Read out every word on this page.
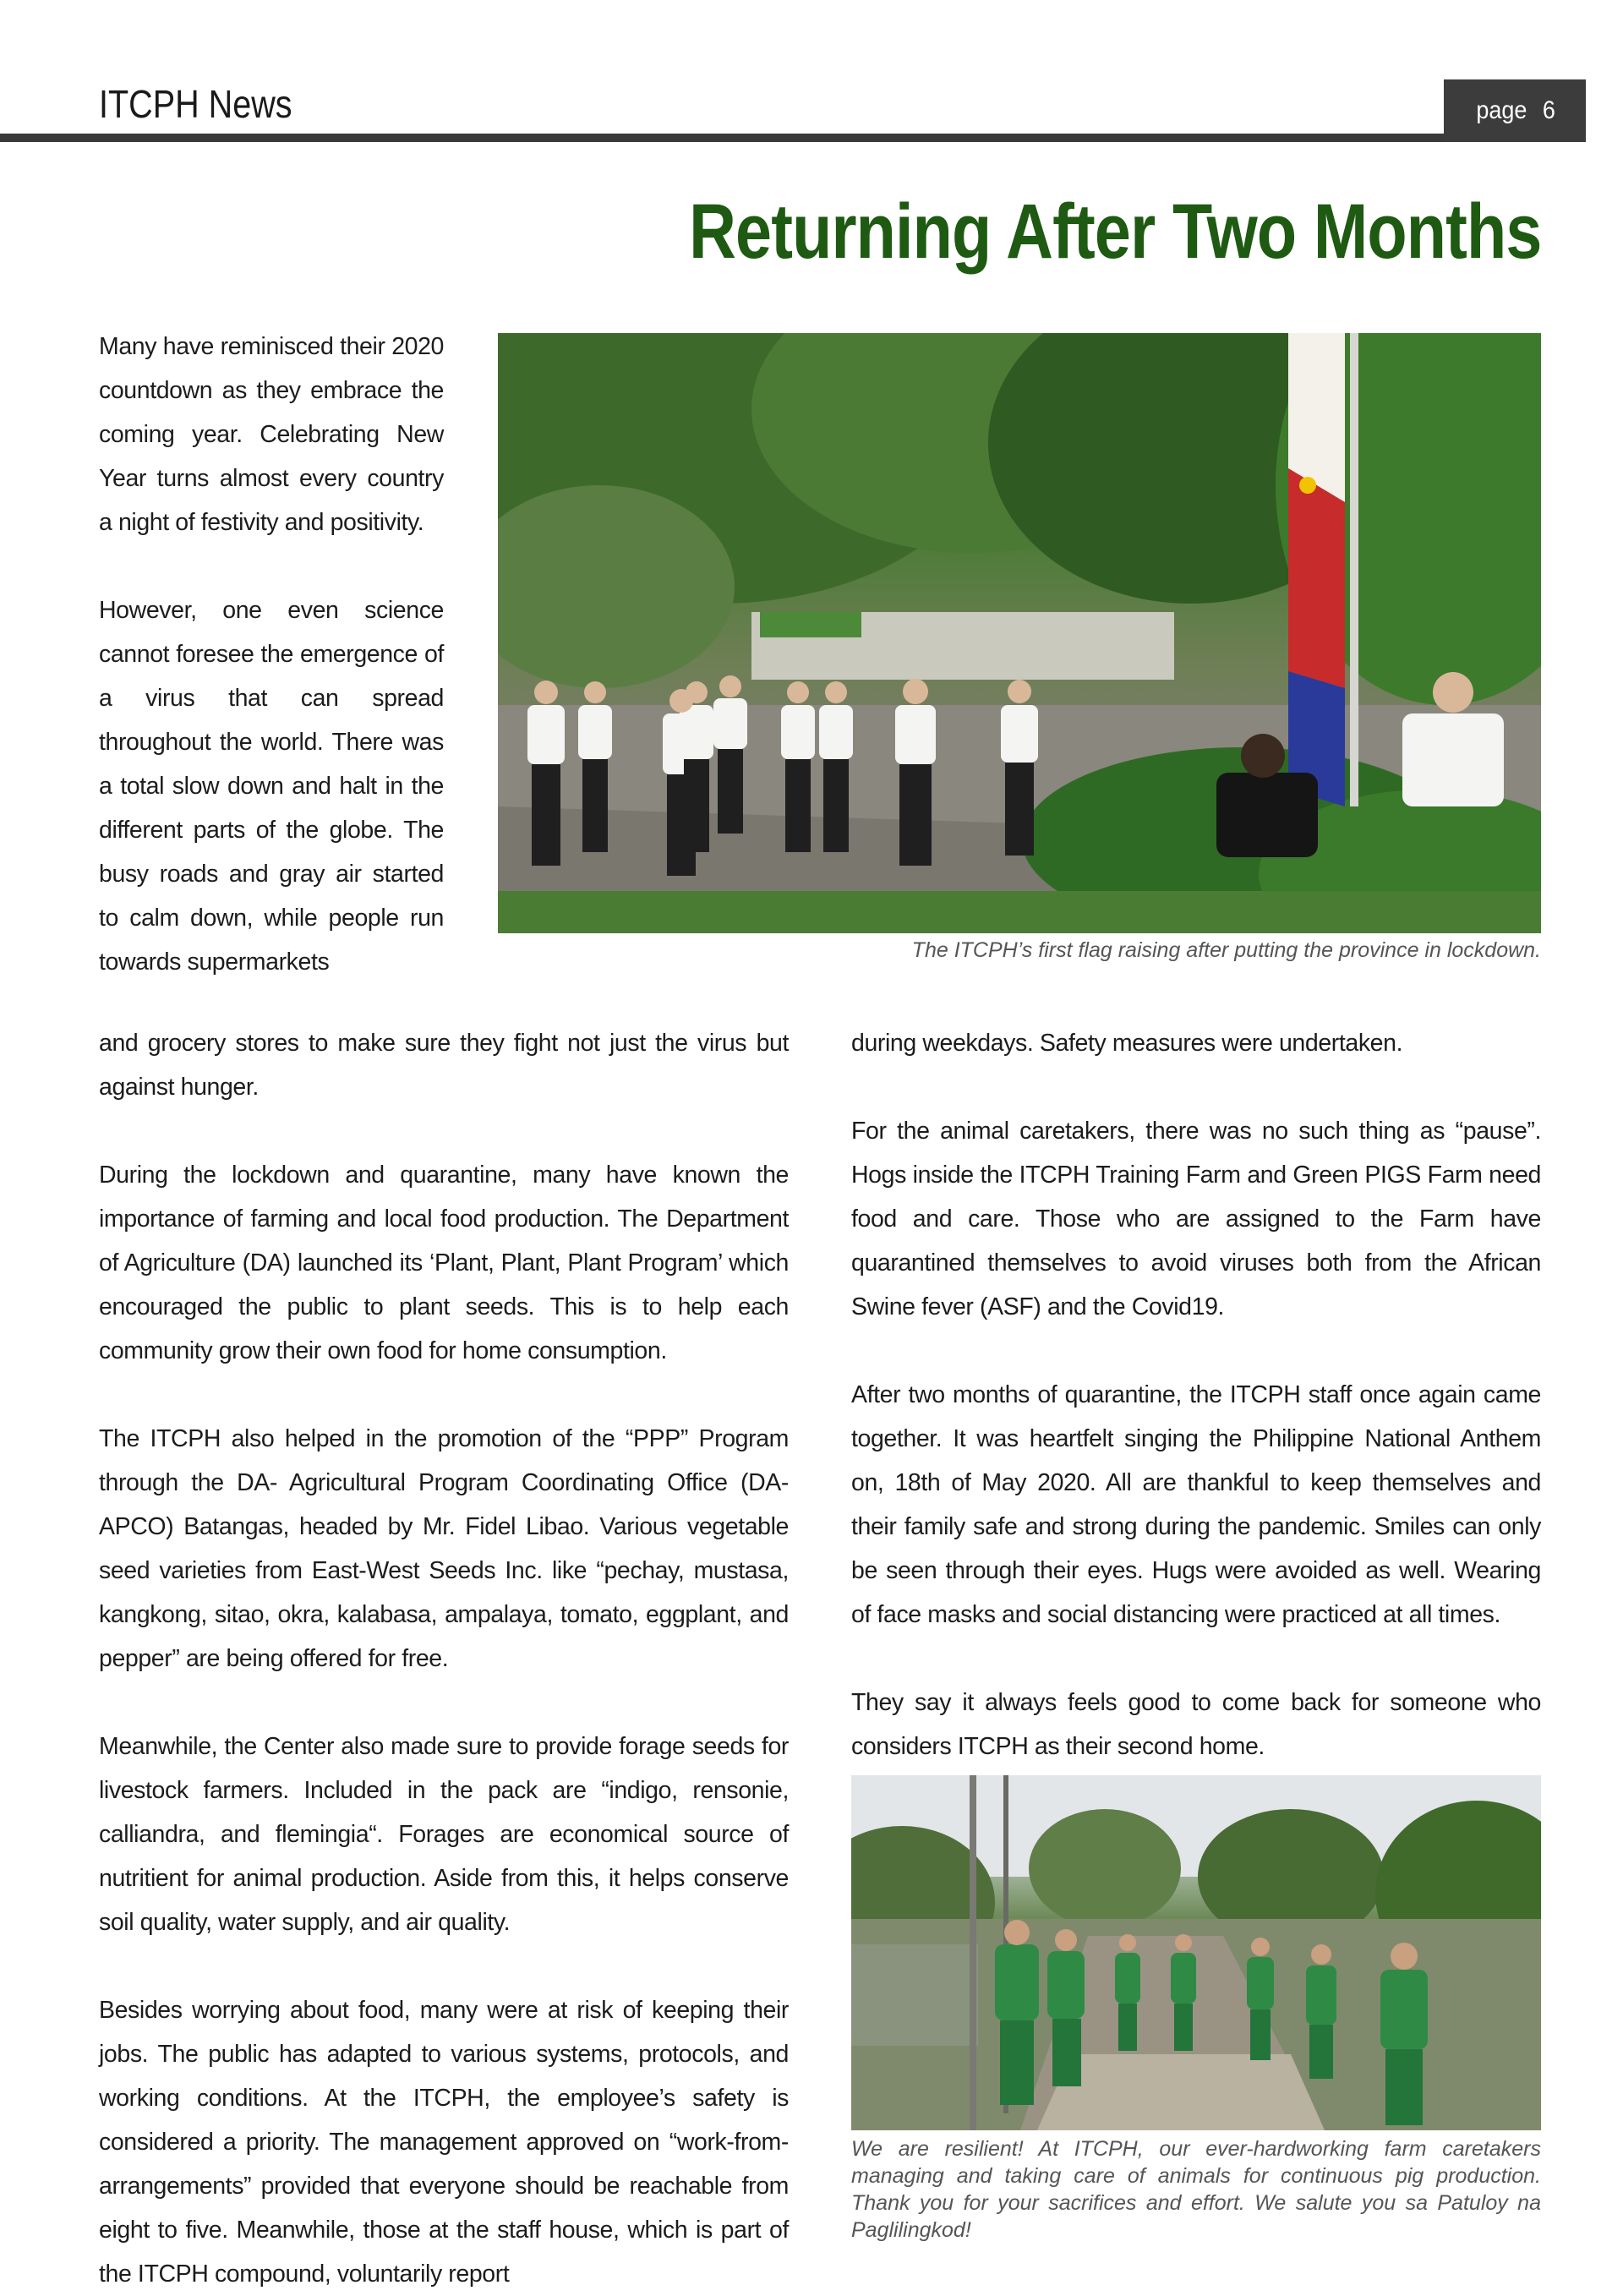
ITCPH News	page 6
Returning After Two Months

Many have reminisced their 2020 countdown as they embrace the coming year. Celebrating New Year turns almost every country a night of festivity and positivity.

However, one even science cannot foresee the emergence of a virus that can spread throughout the world. There was a total slow down and halt in the different parts of the globe. The busy roads and gray air started to calm down, while people run towards supermarkets	The ITCPH’s first flag raising after putting the province in lockdown.

and grocery stores to make sure they fight not just the virus but against hunger.

During the lockdown and quarantine, many have known the importance of farming and local food production. The Department of Agriculture (DA) launched its ‘Plant, Plant, Plant Program’ which encouraged the public to plant seeds. This is to help each community grow their own food for home consumption.

The ITCPH also helped in the promotion of the “PPP” Program through the DA- Agricultural Program Coordinating Office (DA-APCO) Batangas, headed by Mr. Fidel Libao. Various vegetable seed varieties from East-West Seeds Inc. like “pechay, mustasa, kangkong, sitao, okra, kalabasa, ampalaya, tomato, eggplant, and pepper” are being offered for free.

Meanwhile, the Center also made sure to provide forage seeds for livestock farmers. Included in the pack are “indigo, rensonie, calliandra, and flemingia“. Forages are economical source of nutritient for animal production. Aside from this, it helps conserve soil quality, water supply, and air quality.

Besides worrying about food, many were at risk of keeping their jobs. The public has adapted to various systems, protocols, and working conditions. At the ITCPH, the employee’s safety is considered a priority. The management approved on “work-from-arrangements” provided that everyone should be reachable from eight to five. Meanwhile, those at the staff house, which is part of the ITCPH compound, voluntarily report

during weekdays. Safety measures were undertaken.

For the animal caretakers, there was no such thing as “pause”. Hogs inside the ITCPH Training Farm and Green PIGS Farm need food and care. Those who are assigned to the Farm have quarantined themselves to avoid viruses both from the African Swine fever (ASF) and the Covid19.

After two months of quarantine, the ITCPH staff once again came together. It was heartfelt singing the Philippine National Anthem on, 18th of May 2020. All are thankful to keep themselves and their family safe and strong during the pandemic. Smiles can only be seen through their eyes. Hugs were avoided as well. Wearing of face masks and social distancing were practiced at all times.

They say it always feels good to come back for someone who considers ITCPH as their second home.

We are resilient! At ITCPH, our ever-hardworking farm caretakers managing and taking care of animals for continuous pig production. Thank you for your sacrifices and effort. We salute you sa Patuloy na Paglilingkod!
